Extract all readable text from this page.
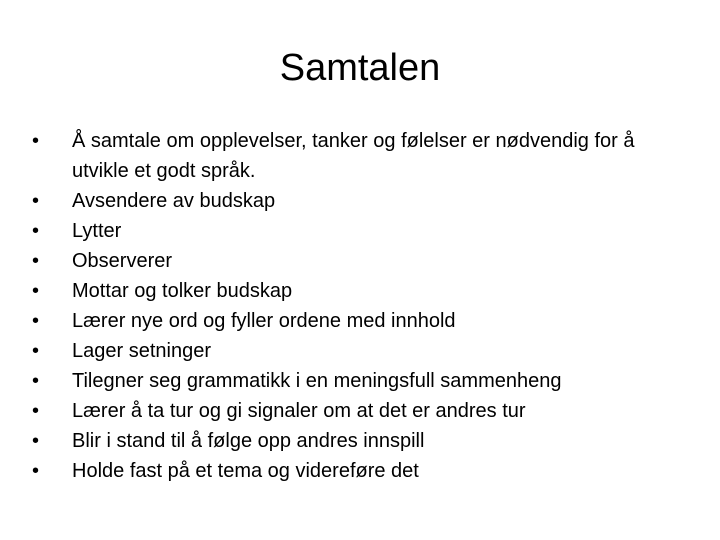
Samtalen
•	Å samtale om opplevelser, tanker og følelser er nødvendig for å utvikle et godt språk.
•	Avsendere av budskap
•	Lytter
•	Observerer
•	Mottar og tolker budskap
•	Lærer nye ord og fyller ordene med innhold
•	Lager setninger
•	Tilegner seg grammatikk i en meningsfull sammenheng
•	Lærer å ta tur og gi signaler om at det er andres tur
•	Blir i stand til å følge opp andres innspill
•	Holde fast på et tema og videreføre det
